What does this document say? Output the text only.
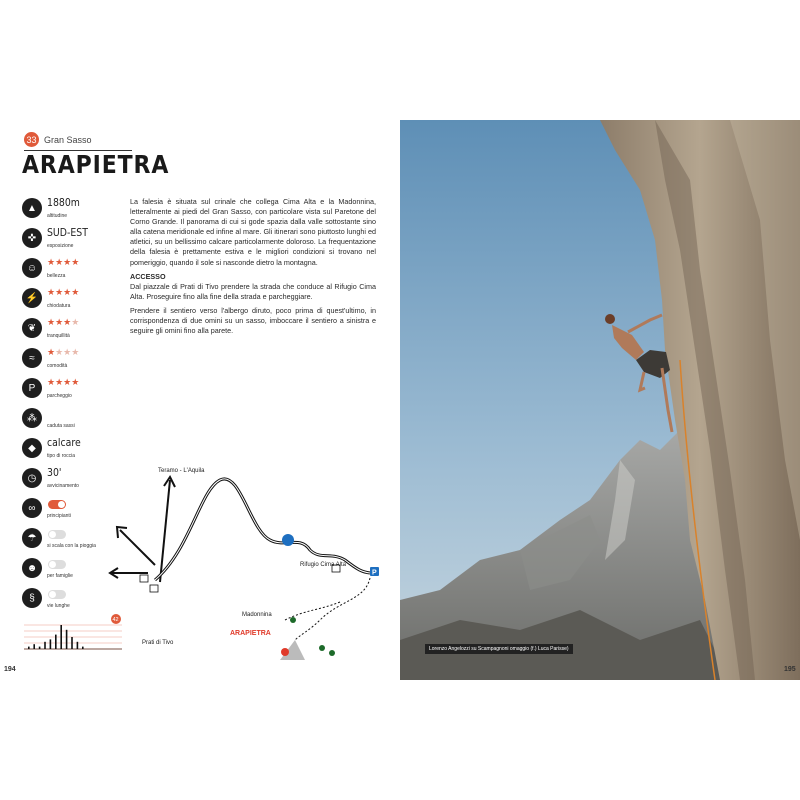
33 Gran Sasso
ARAPIETRA
▲ 1880m
altitudine
✜ SUD-EST
esposizione
☺
★★★★
bellezza
⚡
★★★★
chiodatura
❦
★★★★
tranquillità
≈
★★★★
comodità
P
★★★★
parcheggio
⁂
caduta sassi
◆	calcare
tipo di roccia
◷ 30'
avvicinamento
∞
principianti
☂
si scala con la pioggia
☻
per famiglie
§
vie lunghe

La falesia è situata sul crinale che collega Cima Alta e la Madonnina, letteralmente ai piedi del Gran Sasso, con particolare vista sul Paretone del Corno Grande. Il panorama di cui si gode spazia dalla valle sottostante sino alla catena meridionale ed infine al mare. Gli itinerari sono piuttosto lunghi ed atletici, su un bellissimo calcare particolarmente doloroso. La frequentazione della falesia è prettamente estiva e le migliori condizioni si trovano nel pomeriggio, quando il sole si nasconde dietro la montagna.

ACCESSO

Dal piazzale di Prati di Tivo prendere la strada che conduce al Rifugio Cima Alta. Proseguire fino alla fine della strada e parcheggiare.

Prendere il sentiero verso l'albergo diruto, poco prima di quest'ultimo, in corrispondenza di due omini su un sasso, imboccare il sentiero a sinistra e seguire gli omini fino alla parete.

P
Teramo - L'Aquila
Prati di Tivo
Rifugio Cima Alta
Madonnina
ARAPIETRA
42
194
Lorenzo Angelozzi su Scampagnoni omaggio (f.) Luca Parisse)
195
